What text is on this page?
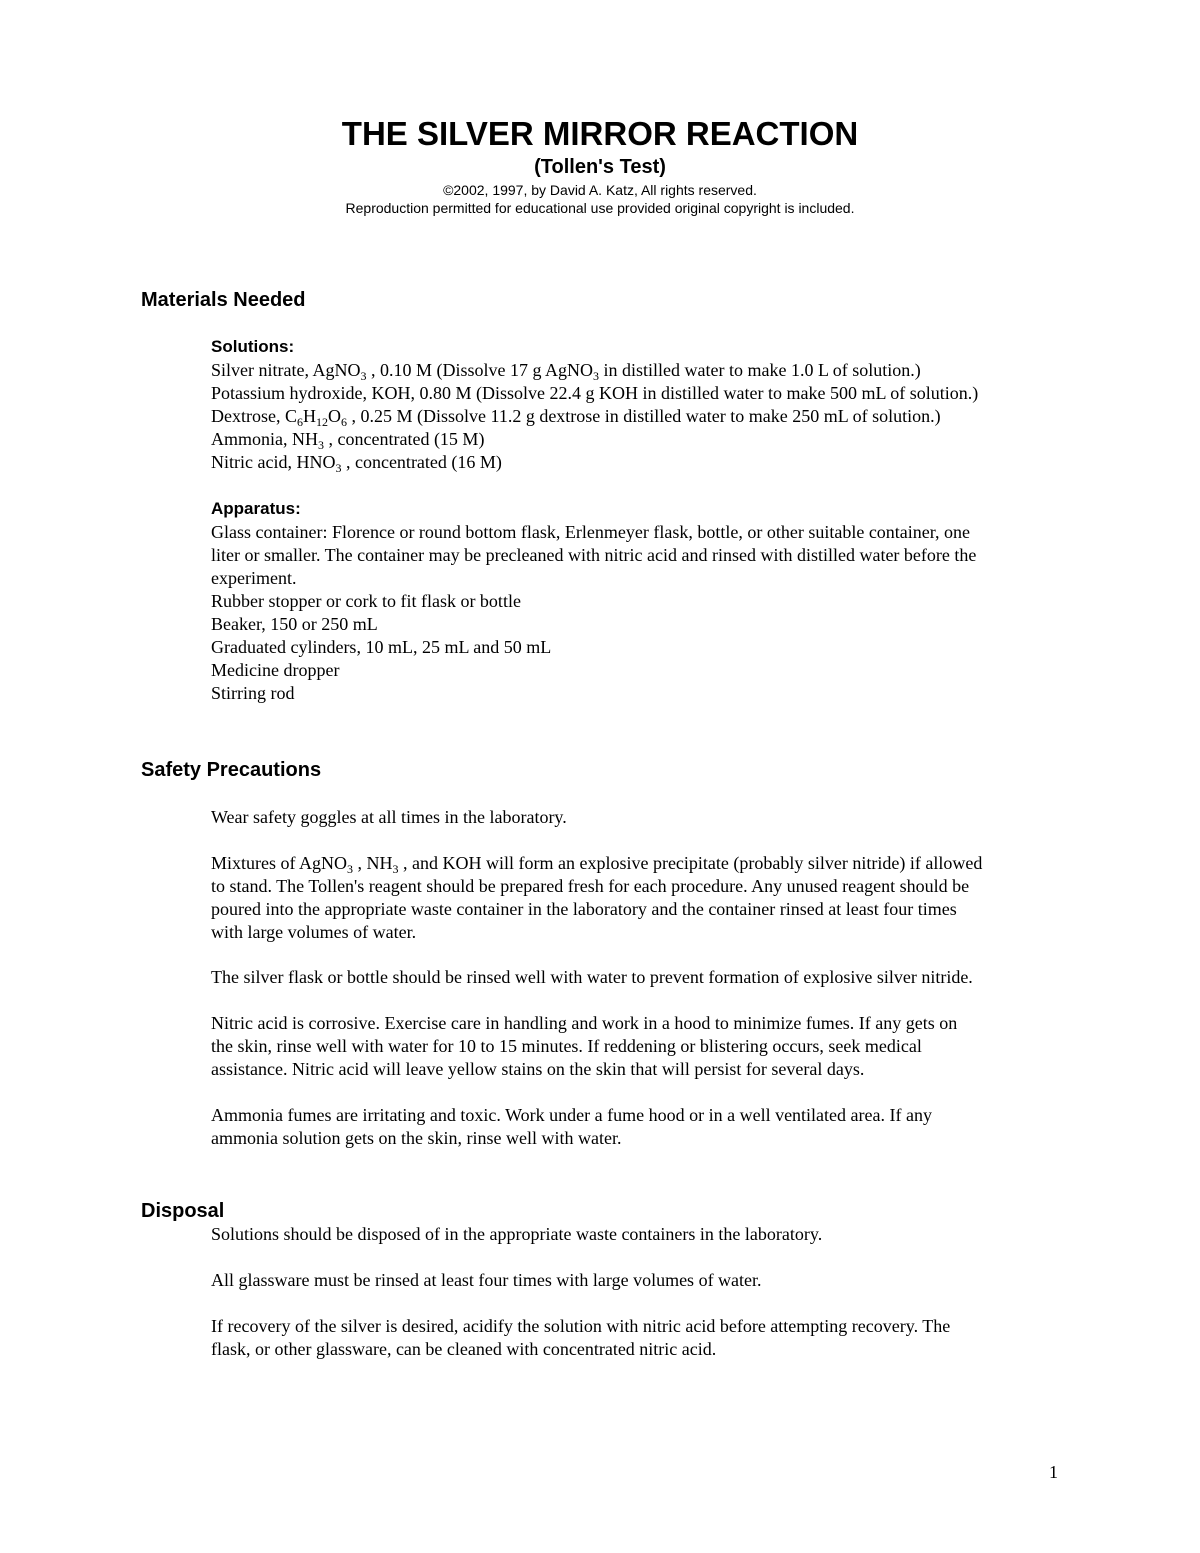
THE SILVER MIRROR REACTION
(Tollen's Test)
©2002, 1997, by David A. Katz, All rights reserved.
Reproduction permitted for educational use provided original copyright is included.
Materials Needed
Solutions:
Silver nitrate, AgNO$_3$ , 0.10 M (Dissolve 17 g AgNO$_3$ in distilled water to make 1.0 L of solution.)
Potassium hydroxide, KOH, 0.80 M (Dissolve 22.4 g KOH in distilled water to make 500 mL of solution.)
Dextrose, $C_6H_{12}O_6$ , 0.25 M (Dissolve 11.2 g dextrose in distilled water to make 250 mL of solution.)
Ammonia, $NH_3$ , concentrated (15 M)
Nitric acid, $HNO_3$ , concentrated (16 M)
Apparatus:
Glass container: Florence or round bottom flask, Erlenmeyer flask, bottle, or other suitable container, one
liter or smaller. The container may be precleaned with nitric acid and rinsed with distilled water before the
experiment.
Rubber stopper or cork to fit flask or bottle
Beaker, 150 or 250 mL
Graduated cylinders, 10 mL, 25 mL and 50 mL
Medicine dropper
Stirring rod
Safety Precautions
Wear safety goggles at all times in the laboratory.
Mixtures of AgNO$_3$ , $NH_3$ , and KOH will form an explosive precipitate (probably silver nitride) if allowed
to stand. The Tollen's reagent should be prepared fresh for each procedure. Any unused reagent should be
poured into the appropriate waste container in the laboratory and the container rinsed at least four times
with large volumes of water.
The silver flask or bottle should be rinsed well with water to prevent formation of explosive silver nitride.
Nitric acid is corrosive. Exercise care in handling and work in a hood to minimize fumes. If any gets on
the skin, rinse well with water for 10 to 15 minutes. If reddening or blistering occurs, seek medical
assistance. Nitric acid will leave yellow stains on the skin that will persist for several days.
Ammonia fumes are irritating and toxic. Work under a fume hood or in a well ventilated area. If any
ammonia solution gets on the skin, rinse well with water.
Disposal
Solutions should be disposed of in the appropriate waste containers in the laboratory.
All glassware must be rinsed at least four times with large volumes of water.
If recovery of the silver is desired, acidify the solution with nitric acid before attempting recovery. The
flask, or other glassware, can be cleaned with concentrated nitric acid.
1
